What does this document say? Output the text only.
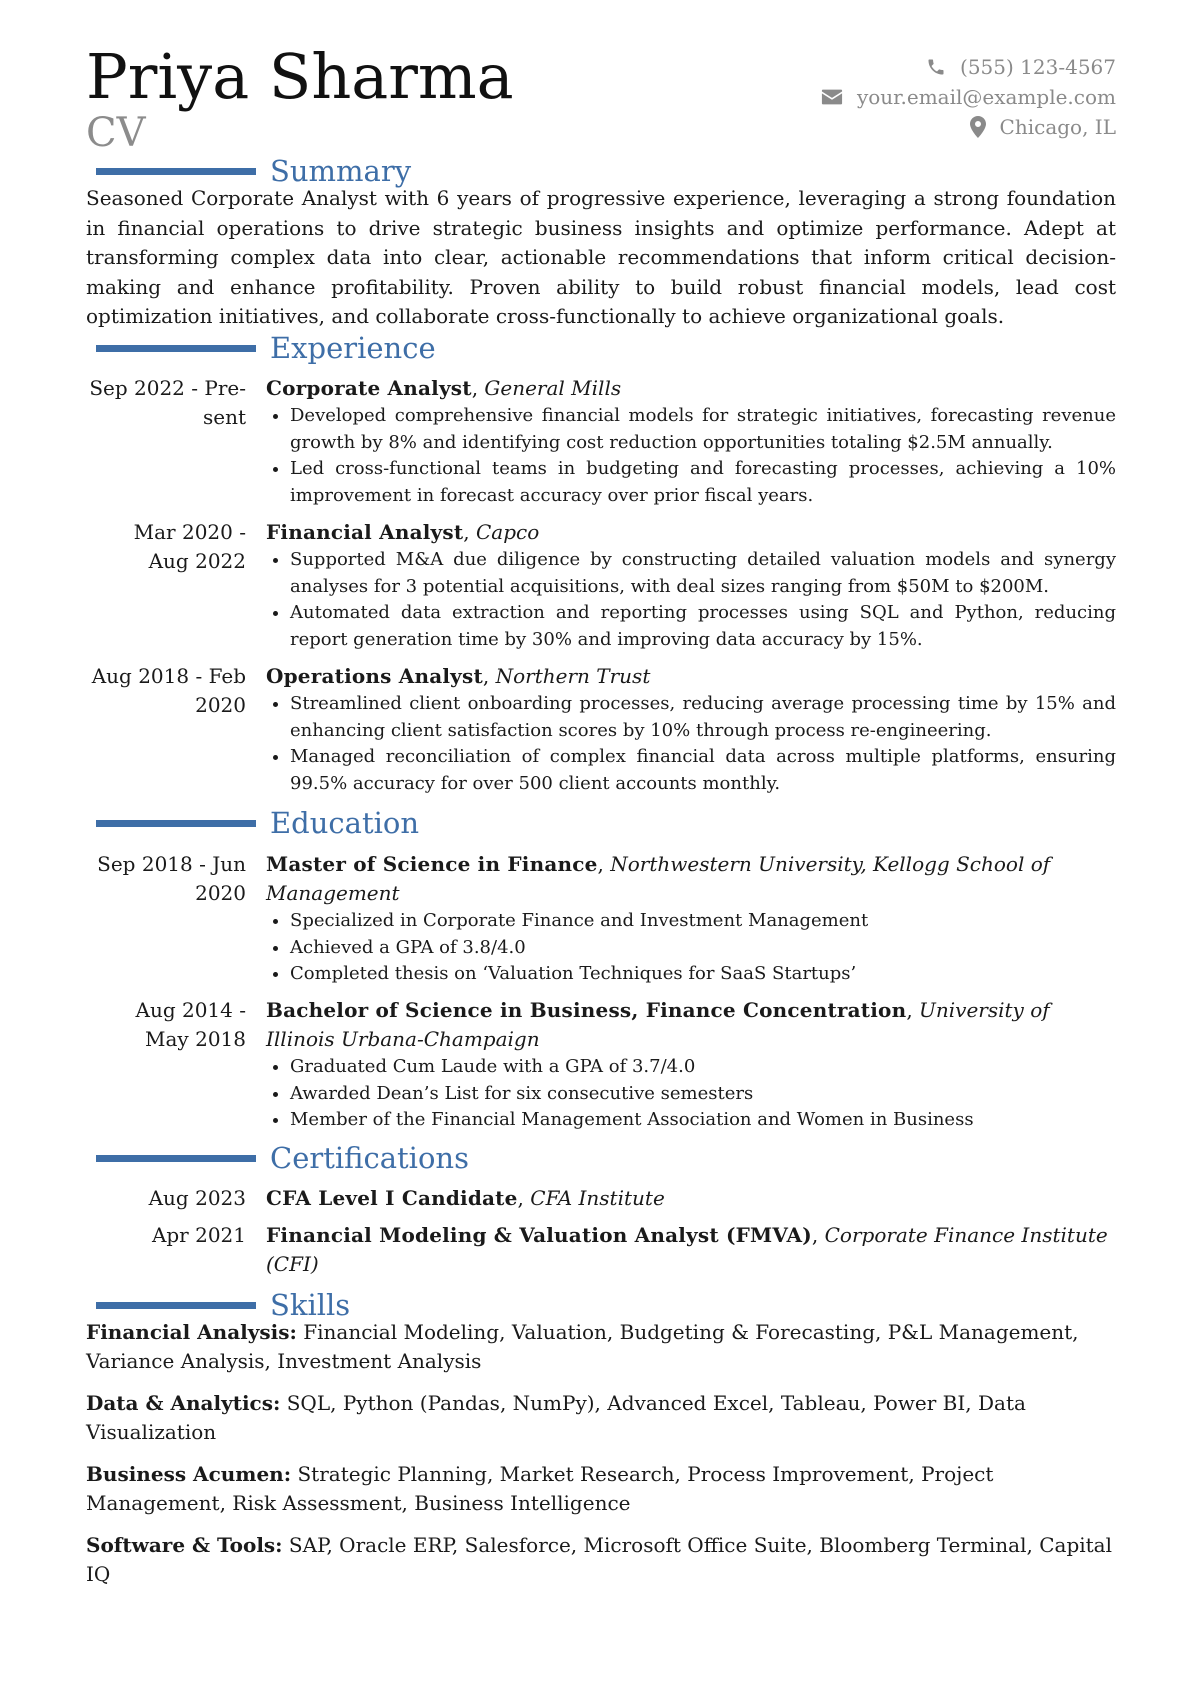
Priya Sharma
CV
(555) 123-4567
your.email@example.com
Chicago, IL
Summary
Seasoned Corporate Analyst with 6 years of progressive experience, leveraging a strong foundation in financial operations to drive strategic business insights and optimize performance. Adept at transforming complex data into clear, actionable recommendations that inform critical decision-making and enhance profitability. Proven ability to build robust financial models, lead cost optimization initiatives, and collaborate cross-functionally to achieve organizational goals.
Experience
Sep 2022 - Pre-
sent
Corporate Analyst, General Mills
Developed comprehensive financial models for strategic initiatives, forecasting revenue growth by 8% and identifying cost reduction opportunities totaling $2.5M annually.
Led cross-functional teams in budgeting and forecasting processes, achieving a 10% improvement in forecast accuracy over prior fiscal years.
Mar 2020 -
Aug 2022
Financial Analyst, Capco
Supported M&A due diligence by constructing detailed valuation models and synergy analyses for 3 potential acquisitions, with deal sizes ranging from $50M to $200M.
Automated data extraction and reporting processes using SQL and Python, reducing report generation time by 30% and improving data accuracy by 15%.
Aug 2018 - Feb
2020
Operations Analyst, Northern Trust
Streamlined client onboarding processes, reducing average processing time by 15% and enhancing client satisfaction scores by 10% through process re-engineering.
Managed reconciliation of complex financial data across multiple platforms, ensuring 99.5% accuracy for over 500 client accounts monthly.
Education
Sep 2018 - Jun
2020
Master of Science in Finance, Northwestern University, Kellogg School of Management
Specialized in Corporate Finance and Investment Management
Achieved a GPA of 3.8/4.0
Completed thesis on ‘Valuation Techniques for SaaS Startups’
Aug 2014 -
May 2018
Bachelor of Science in Business, Finance Concentration, University of Illinois Urbana-Champaign
Graduated Cum Laude with a GPA of 3.7/4.0
Awarded Dean’s List for six consecutive semesters
Member of the Financial Management Association and Women in Business
Certifications
Aug 2023 CFA Level I Candidate, CFA Institute
Apr 2021 Financial Modeling & Valuation Analyst (FMVA), Corporate Finance Institute (CFI)
Skills
Financial Analysis: Financial Modeling, Valuation, Budgeting & Forecasting, P&L Management, Variance Analysis, Investment Analysis
Data & Analytics: SQL, Python (Pandas, NumPy), Advanced Excel, Tableau, Power BI, Data Visualization
Business Acumen: Strategic Planning, Market Research, Process Improvement, Project Management, Risk Assessment, Business Intelligence
Software & Tools: SAP, Oracle ERP, Salesforce, Microsoft Office Suite, Bloomberg Terminal, Capital IQ
